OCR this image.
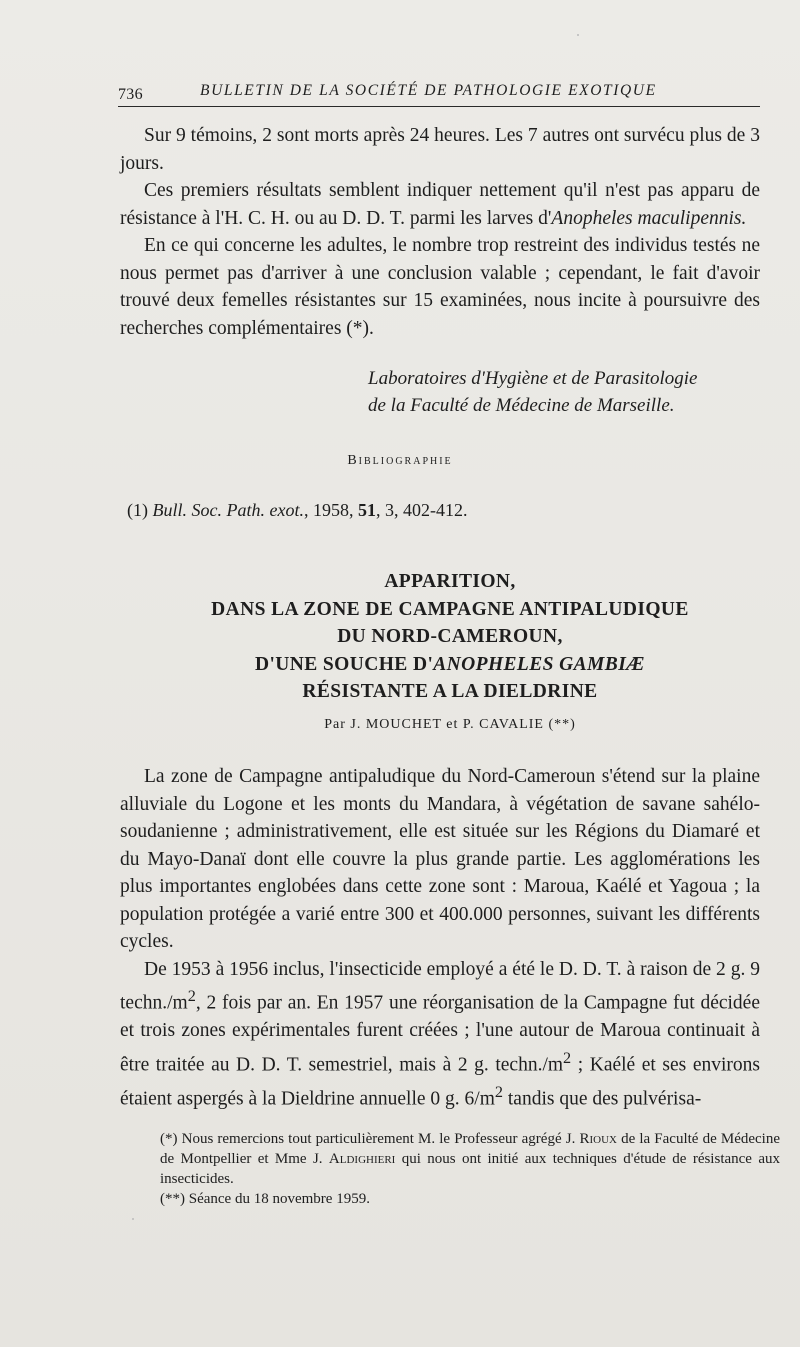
736	BULLETIN DE LA SOCIÉTÉ DE PATHOLOGIE EXOTIQUE

Sur 9 témoins, 2 sont morts après 24 heures. Les 7 autres ont survécu plus de 3 jours.

Ces premiers résultats semblent indiquer nettement qu'il n'est pas apparu de résistance à l'H. C. H. ou au D. D. T. parmi les larves d'Anopheles maculipennis.

En ce qui concerne les adultes, le nombre trop restreint des individus testés ne nous permet pas d'arriver à une conclusion valable ; cependant, le fait d'avoir trouvé deux femelles résistantes sur 15 examinées, nous incite à poursuivre des recherches complémentaires (*).

Laboratoires d'Hygiène et de Parasitologie
de la Faculté de Médecine de Marseille.
Bibliographie
(1) Bull. Soc. Path. exot., 1958, 51, 3, 402-412.
APPARITION,
DANS LA ZONE DE CAMPAGNE ANTIPALUDIQUE
DU NORD-CAMEROUN,
D'UNE SOUCHE D'ANOPHELES GAMBIÆ
RÉSISTANTE A LA DIELDRINE
Par J. MOUCHET et P. CAVALIE (**)

La zone de Campagne antipaludique du Nord-Cameroun s'étend sur la plaine alluviale du Logone et les monts du Mandara, à végétation de savane sahélo-soudanienne ; administrativement, elle est située sur les Régions du Diamaré et du Mayo-Danaï dont elle couvre la plus grande partie. Les agglomérations les plus importantes englobées dans cette zone sont : Maroua, Kaélé et Yagoua ; la population protégée a varié entre 300 et 400.000 personnes, suivant les différents cycles.

De 1953 à 1956 inclus, l'insecticide employé a été le D. D. T. à raison de 2 g. 9 $techn./m^2$, 2 fois par an. En 1957 une réorganisation de la Campagne fut décidée et trois zones expérimentales furent créées ; l'une autour de Maroua continuait à être traitée au D. D. T. semestriel, mais à 2 g. $techn./m^2$ ; Kaélé et ses environs étaient aspergés à la Dieldrine annuelle 0 g. $6/m^2$ tandis que des pulvérisa-

(*) Nous remercions tout particulièrement M. le Professeur agrégé J. Rioux de la Faculté de Médecine de Montpellier et Mme J. Aldighieri qui nous ont initié aux techniques d'étude de résistance aux insecticides.

(**) Séance du 18 novembre 1959.
